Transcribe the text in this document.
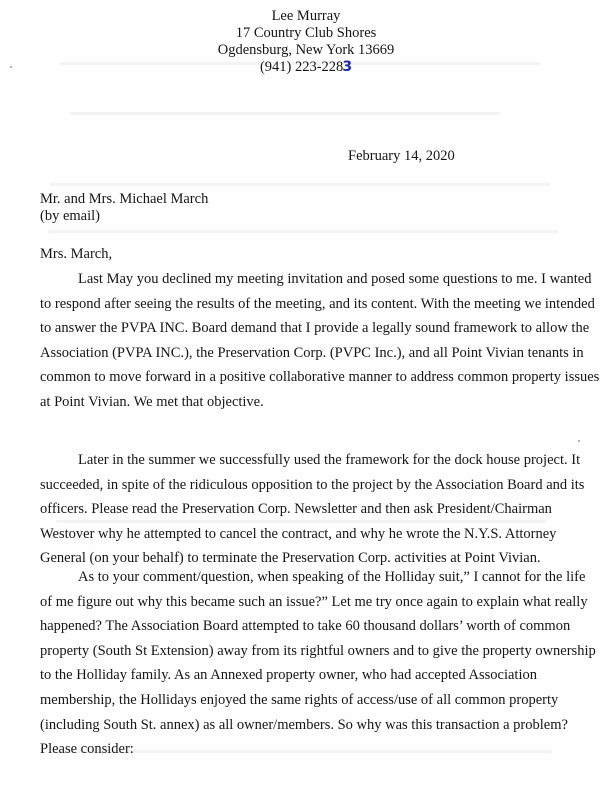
Lee Murray
17 Country Club Shores
Ogdensburg, New York 13669
(941) 223-2283
February 14, 2020
Mr. and Mrs. Michael March
(by email)
Mrs. March,
Last May you declined my meeting invitation and posed some questions to me. I wanted
to respond after seeing the results of the meeting, and its content. With the meeting we intended
to answer the PVPA INC. Board demand that I provide a legally sound framework to allow the
Association (PVPA INC.), the Preservation Corp. (PVPC Inc.), and all Point Vivian tenants in
common to move forward in a positive collaborative manner to address common property issues
at Point Vivian. We met that objective.
Later in the summer we successfully used the framework for the dock house project. It
succeeded, in spite of the ridiculous opposition to the project by the Association Board and its
officers. Please read the Preservation Corp. Newsletter and then ask President/Chairman
Westover why he attempted to cancel the contract, and why he wrote the N.Y.S. Attorney
General (on your behalf) to terminate the Preservation Corp. activities at Point Vivian.
As to your comment/question, when speaking of the Holliday suit,” I cannot for the life
of me figure out why this became such an issue?” Let me try once again to explain what really
happened? The Association Board attempted to take 60 thousand dollars’ worth of common
property (South St Extension) away from its rightful owners and to give the property ownership
to the Holliday family. As an Annexed property owner, who had accepted Association
membership, the Hollidays enjoyed the same rights of access/use of all common property
(including South St. annex) as all owner/members. So why was this transaction a problem?
Please consider:
